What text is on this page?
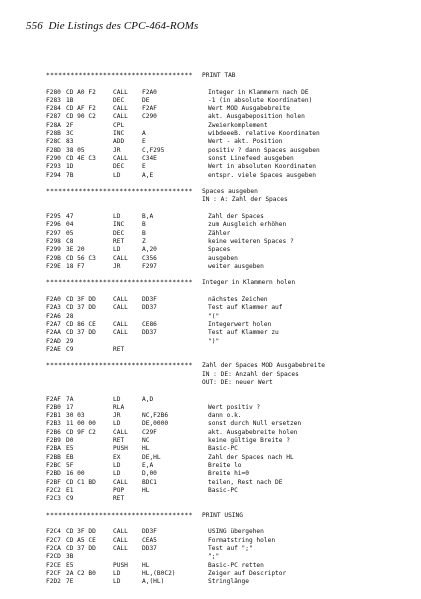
556 Die Listings des CPC-464-ROMs
************************************ PRINT TAB
F280 CD A0 F2	CALL F2A0	Integer in Klammern nach DE
F283 1B	DEC	DE	-1 (in absolute Koordinaten)
F284 CD AF F2	CALL F2AF	Wert MOD Ausgabebreite
F287 CD 90 C2	CALL C290	akt. Ausgabeposition holen
F28A 2F	CPL	Zweierkomplement
F28B 3C	INC	A	wibdeeeB. relative Koordinaten
F28C 83	ADD	E	Wert - akt. Position
F28D 38 05	JR	C,F295	positiv ? dann Spaces ausgeben
F290 CD 4E C3	CALL C34E	sonst Linefeed ausgeben
F293 1D	DEC	E	Wert in absoluten Koordinaten
F294 7B	LD	A,E	entspr. viele Spaces ausgeben
************************************ Spaces ausgeben
IN : A: Zahl der Spaces
F295 47	LD	B,A	Zahl der Spaces
F296 04	INC	B	zum Ausgleich erhöhen
F297 05	DEC	B	Zähler
F298 C8	RET	Z	keine weiteren Spaces ?
F299 3E 20	LD	A,20	Spaces
F29B CD 56 C3	CALL C356	ausgeben
F29E 18 F7	JR	F297	weiter ausgeben
************************************ Integer in Klammern holen
F2A0 CD 3F DD	CALL DD3F	nächstes Zeichen
F2A3 CD 37 DD	CALL DD37	Test auf Klammer auf
F2A6 28	"("
F2A7 CD 86 CE	CALL CE86	Integerwert holen
F2AA CD 37 DD	CALL DD37	Test auf Klammer zu
F2AD 29	")"
F2AE C9	RET
************************************ Zahl der Spaces MOD Ausgabebreite
IN : DE: Anzahl der Spaces
OUT: DE: neuer Wert
F2AF 7A	LD	A,D
F2B0 17	RLA	Wert positiv ?
F2B1 30 03	JR	NC,F2B6	dann o.k.
F2B3 11 00 00	LD	DE,0000	sonst durch Null ersetzen
F2B6 CD 9F C2	CALL C29F	akt. Ausgabebreite holen
F2B9 D0	RET	NC	keine gültige Breite ?
F2BA E5	PUSH HL	Basic-PC
F2BB EB	EX	DE,HL	Zahl der Spaces nach HL
F2BC 5F	LD	E,A	Breite lo
F2BD 16 00	LD	D,00	Breite hi=0
F2BF CD C1 BD	CALL BDC1	teilen, Rest nach DE
F2C2 E1	POP	HL	Basic-PC
F2C3 C9	RET
************************************ PRINT USING
F2C4 CD 3F DD	CALL DD3F	USING übergehen
F2C7 CD A5 CE	CALL CEA5	Formatstring holen
F2CA CD 37 DD	CALL DD37	Test auf ";"
F2CD 3B	";"
F2CE E5	PUSH HL	Basic-PC retten
F2CF 2A C2 B0	LD	HL,(B0C2)	Zeiger auf Descriptor
F2D2 7E	LD	A,(HL)	Stringlänge
